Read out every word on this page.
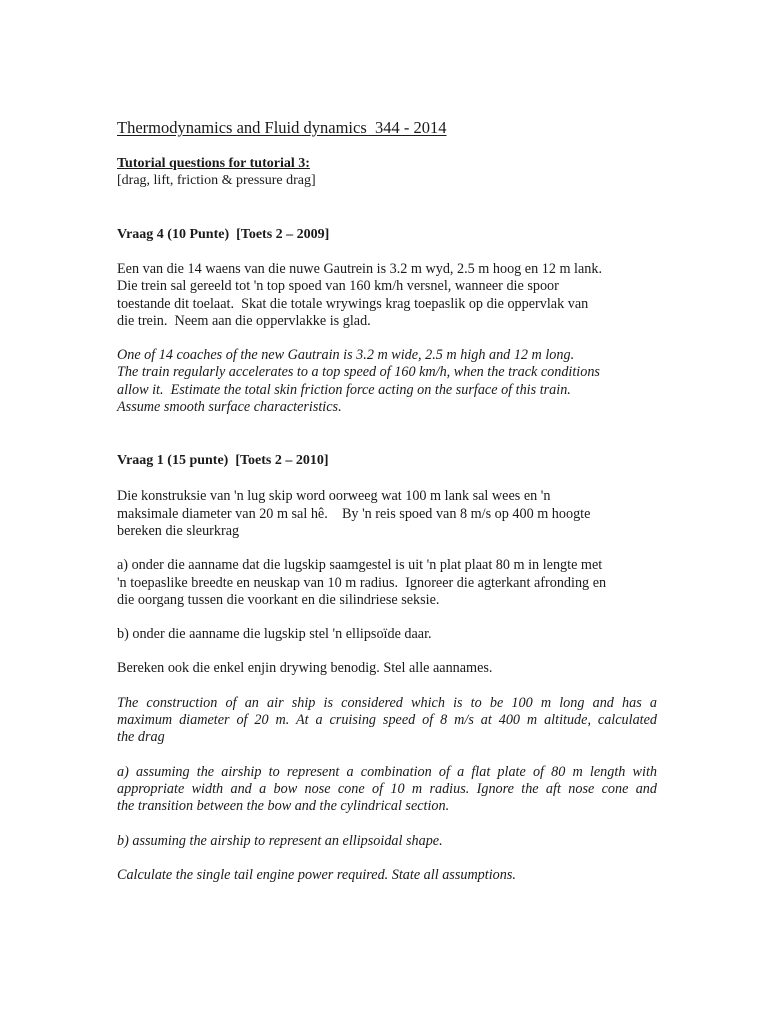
Thermodynamics and Fluid dynamics  344 - 2014
Tutorial questions for tutorial 3:
[drag, lift, friction & pressure drag]
Vraag 4 (10 Punte)  [Toets 2 – 2009]
Een van die 14 waens van die nuwe Gautrein is 3.2 m wyd, 2.5 m hoog en 12 m lank.
Die trein sal gereeld tot 'n top spoed van 160 km/h versnel, wanneer die spoor
toestande dit toelaat.  Skat die totale wrywings krag toepaslik op die oppervlak van
die trein.  Neem aan die oppervlakke is glad.
One of 14 coaches of the new Gautrain is 3.2 m wide, 2.5 m high and 12 m long.
The train regularly accelerates to a top speed of 160 km/h, when the track conditions
allow it.  Estimate the total skin friction force acting on the surface of this train.
Assume smooth surface characteristics.
Vraag 1 (15 punte)  [Toets 2 – 2010]
Die konstruksie van 'n lug skip word oorweeg wat 100 m lank sal wees en 'n
maksimale diameter van 20 m sal hê.    By 'n reis spoed van 8 m/s op 400 m hoogte
bereken die sleurkrag
a) onder die aanname dat die lugskip saamgestel is uit 'n plat plaat 80 m in lengte met
'n toepaslike breedte en neuskap van 10 m radius.  Ignoreer die agterkant afronding en
die oorgang tussen die voorkant en die silindriese seksie.
b) onder die aanname die lugskip stel 'n ellipsoïde daar.
Bereken ook die enkel enjin drywing benodig. Stel alle aannames.
The construction of an air ship is considered which is to be 100 m long and has a
maximum diameter of 20 m. At a cruising speed of 8 m/s at 400 m altitude, calculated
the drag
a) assuming the airship to represent a combination of a flat plate of 80 m length with
appropriate width and a bow nose cone of 10 m radius. Ignore the aft nose cone and
the transition between the bow and the cylindrical section.
b) assuming the airship to represent an ellipsoidal shape.
Calculate the single tail engine power required. State all assumptions.
